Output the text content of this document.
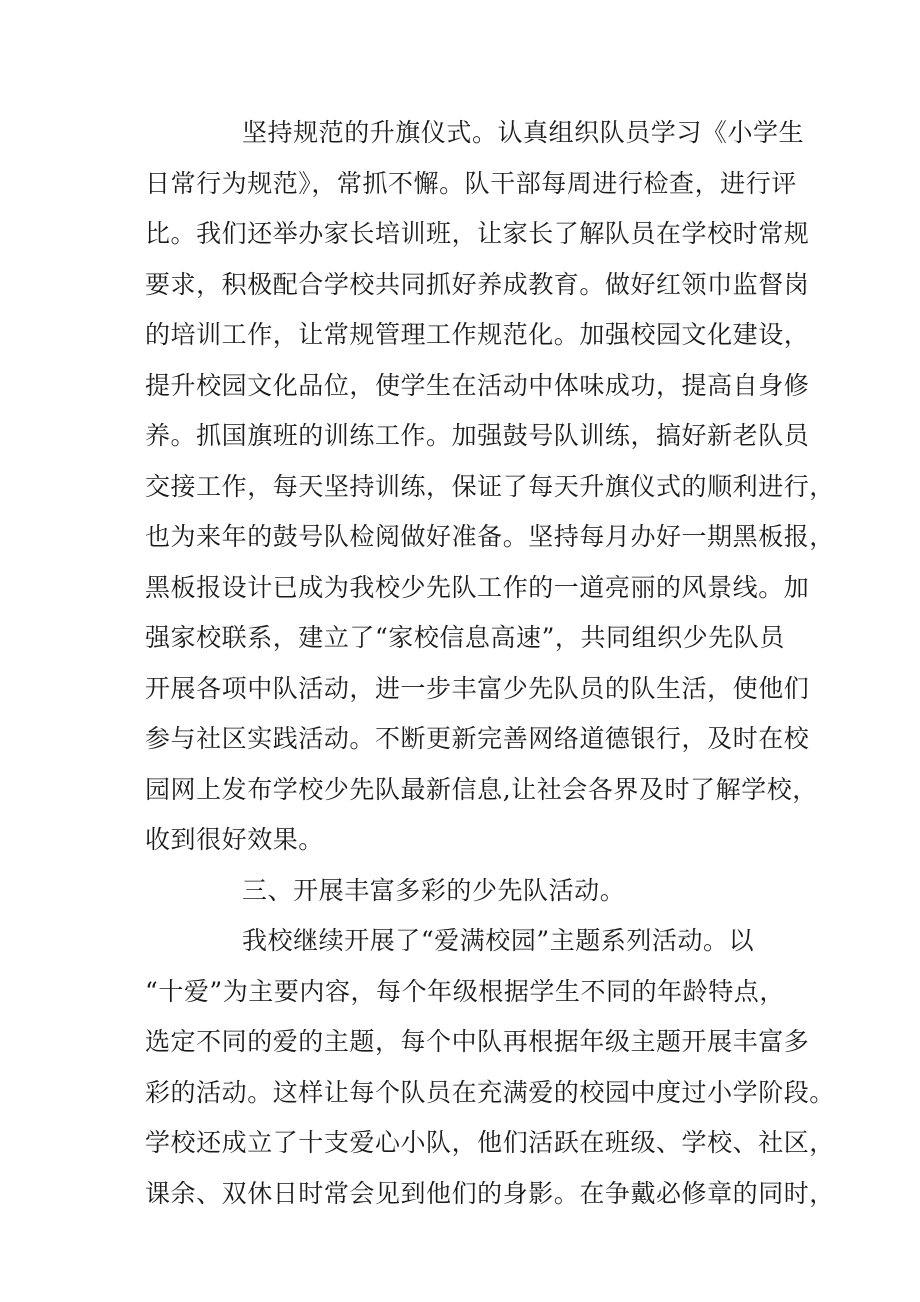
坚持规范的升旗仪式。认真组织队员学习《小学生
日常行为规范》，常抓不懈。队干部每周进行检查，进行评
比。我们还举办家长培训班，让家长了解队员在学校时常规
要求，积极配合学校共同抓好养成教育。做好红领巾监督岗
的培训工作，让常规管理工作规范化。加强校园文化建设，
提升校园文化品位，使学生在活动中体味成功，提高自身修
养。抓国旗班的训练工作。加强鼓号队训练，搞好新老队员
交接工作，每天坚持训练，保证了每天升旗仪式的顺利进行，
也为来年的鼓号队检阅做好准备。坚持每月办好一期黑板报，
黑板报设计已成为我校少先队工作的一道亮丽的风景线。加
强家校联系，建立了“家校信息高速”，共同组织少先队员
开展各项中队活动，进一步丰富少先队员的队生活，使他们
参与社区实践活动。不断更新完善网络道德银行，及时在校
园网上发布学校少先队最新信息,让社会各界及时了解学校，
收到很好效果。
三、开展丰富多彩的少先队活动。
我校继续开展了“爱满校园”主题系列活动。以
“十爱”为主要内容，每个年级根据学生不同的年龄特点，
选定不同的爱的主题，每个中队再根据年级主题开展丰富多
彩的活动。这样让每个队员在充满爱的校园中度过小学阶段。
学校还成立了十支爱心小队，他们活跃在班级、学校、社区，
课余、双休日时常会见到他们的身影。在争戴必修章的同时，
